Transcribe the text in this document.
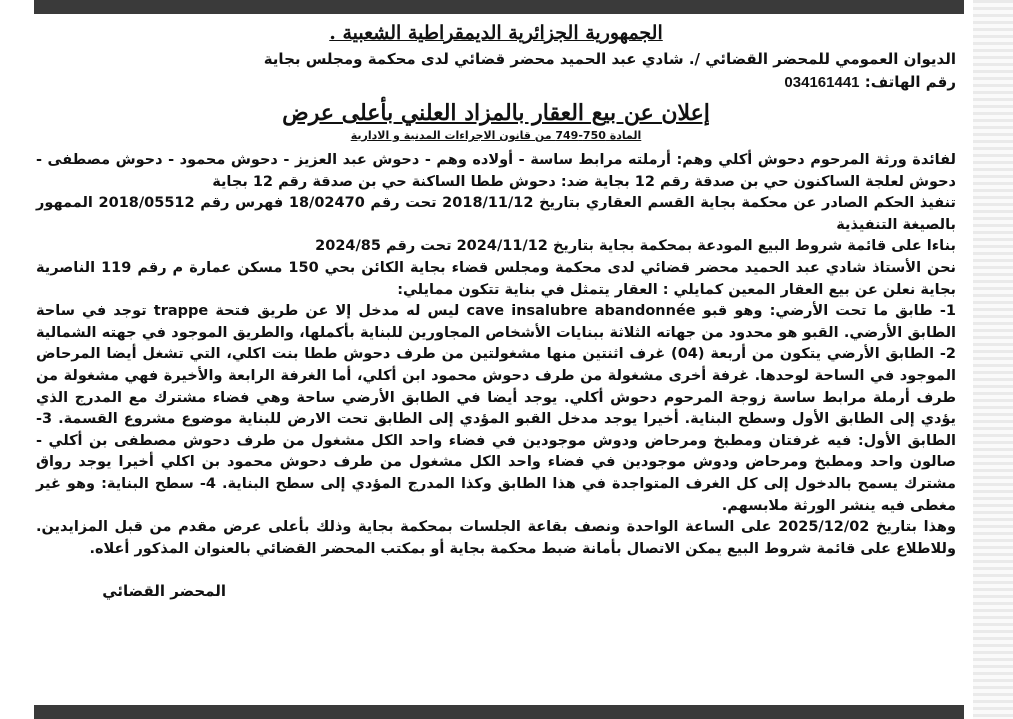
الجمهورية الجزائرية الديمقراطية الشعبية .
الديوان العمومي للمحضر القضائي /. شادي عبد الحميد محضر قضائي لدى محكمة ومجلس بجاية
رقم الهاتف: 034161441
إعلان عن بيع العقار بالمزاد العلني بأعلى عرض
المادة 750-749 من قانون الاجراءات المدنية و الادارية

لفائدة ورثة المرحوم دحوش أكلي وهم: أرملته مرابط ساسة - أولاده وهم - دحوش عبد العزيز - دحوش محمود - دحوش مصطفى - دحوش لعلجة الساكنون حي بن صدقة رقم 12 بجاية ضد: دحوش ططا الساكنة حي بن صدقة رقم 12 بجاية

تنفيذ الحكم الصادر عن محكمة بجاية القسم العقاري بتاريخ 2018/11/12 تحت رقم 18/02470 فهرس رقم 2018/05512 الممهور بالصيغة التنفيذية

بناءا على قائمة شروط البيع المودعة بمحكمة بجاية بتاريخ 2024/11/12 تحت رقم 2024/85

نحن الأستاذ شادي عبد الحميد محضر قضائي لدى محكمة ومجلس قضاء بجاية الكائن بحي 150 مسكن عمارة م رقم 119 الناصرية بجاية نعلن عن بيع العقار المعين كمايلي : العقار يتمثل في بناية تتكون ممايلي:

1- طابق ما تحت الأرضي: وهو قبو cave insalubre abandonnée ليس له مدخل إلا عن طريق فتحة trappe توجد في ساحة الطابق الأرضي. القبو هو محدود من جهاته الثلاثة ببنايات الأشخاص المجاورين للبناية بأكملها، والطريق الموجود في جهته الشمالية 2- الطابق الأرضي يتكون من أربعة (04) غرف اثنتين منها مشغولتين من طرف دحوش ططا بنت اكلي، التي تشغل أيضا المرحاض الموجود في الساحة لوحدها. غرفة أخرى مشغولة من طرف دحوش محمود ابن أكلي، أما الغرفة الرابعة والأخيرة فهي مشغولة من طرف أرملة مرابط ساسة زوجة المرحوم دحوش أكلي. يوجد أيضا في الطابق الأرضي ساحة وهي فضاء مشترك مع المدرج الذي يؤدي إلى الطابق الأول وسطح البناية. أخيرا يوجد مدخل القبو المؤدي إلى الطابق تحت الارض للبناية موضوع مشروع القسمة. 3- الطابق الأول: فيه غرفتان ومطبخ ومرحاض ودوش موجودين في فضاء واحد الكل مشغول من طرف دحوش مصطفى بن أكلي - صالون واحد ومطبخ ومرحاض ودوش موجودين في فضاء واحد الكل مشغول من طرف دحوش محمود بن اكلي أخيرا يوجد رواق مشترك يسمح بالدخول إلى كل الغرف المتواجدة في هذا الطابق وكذا المدرج المؤدي إلى سطح البناية. 4- سطح البناية: وهو غير مغطى فيه ينشر الورثة ملابسهم.

وهذا بتاريخ 2025/12/02 على الساعة الواحدة ونصف بقاعة الجلسات بمحكمة بجاية وذلك بأعلى عرض مقدم من قبل المزايدين. وللاطلاع على قائمة شروط البيع يمكن الاتصال بأمانة ضبط محكمة بجاية أو بمكتب المحضر القضائي بالعنوان المذكور أعلاه.

المحضر القضائي
